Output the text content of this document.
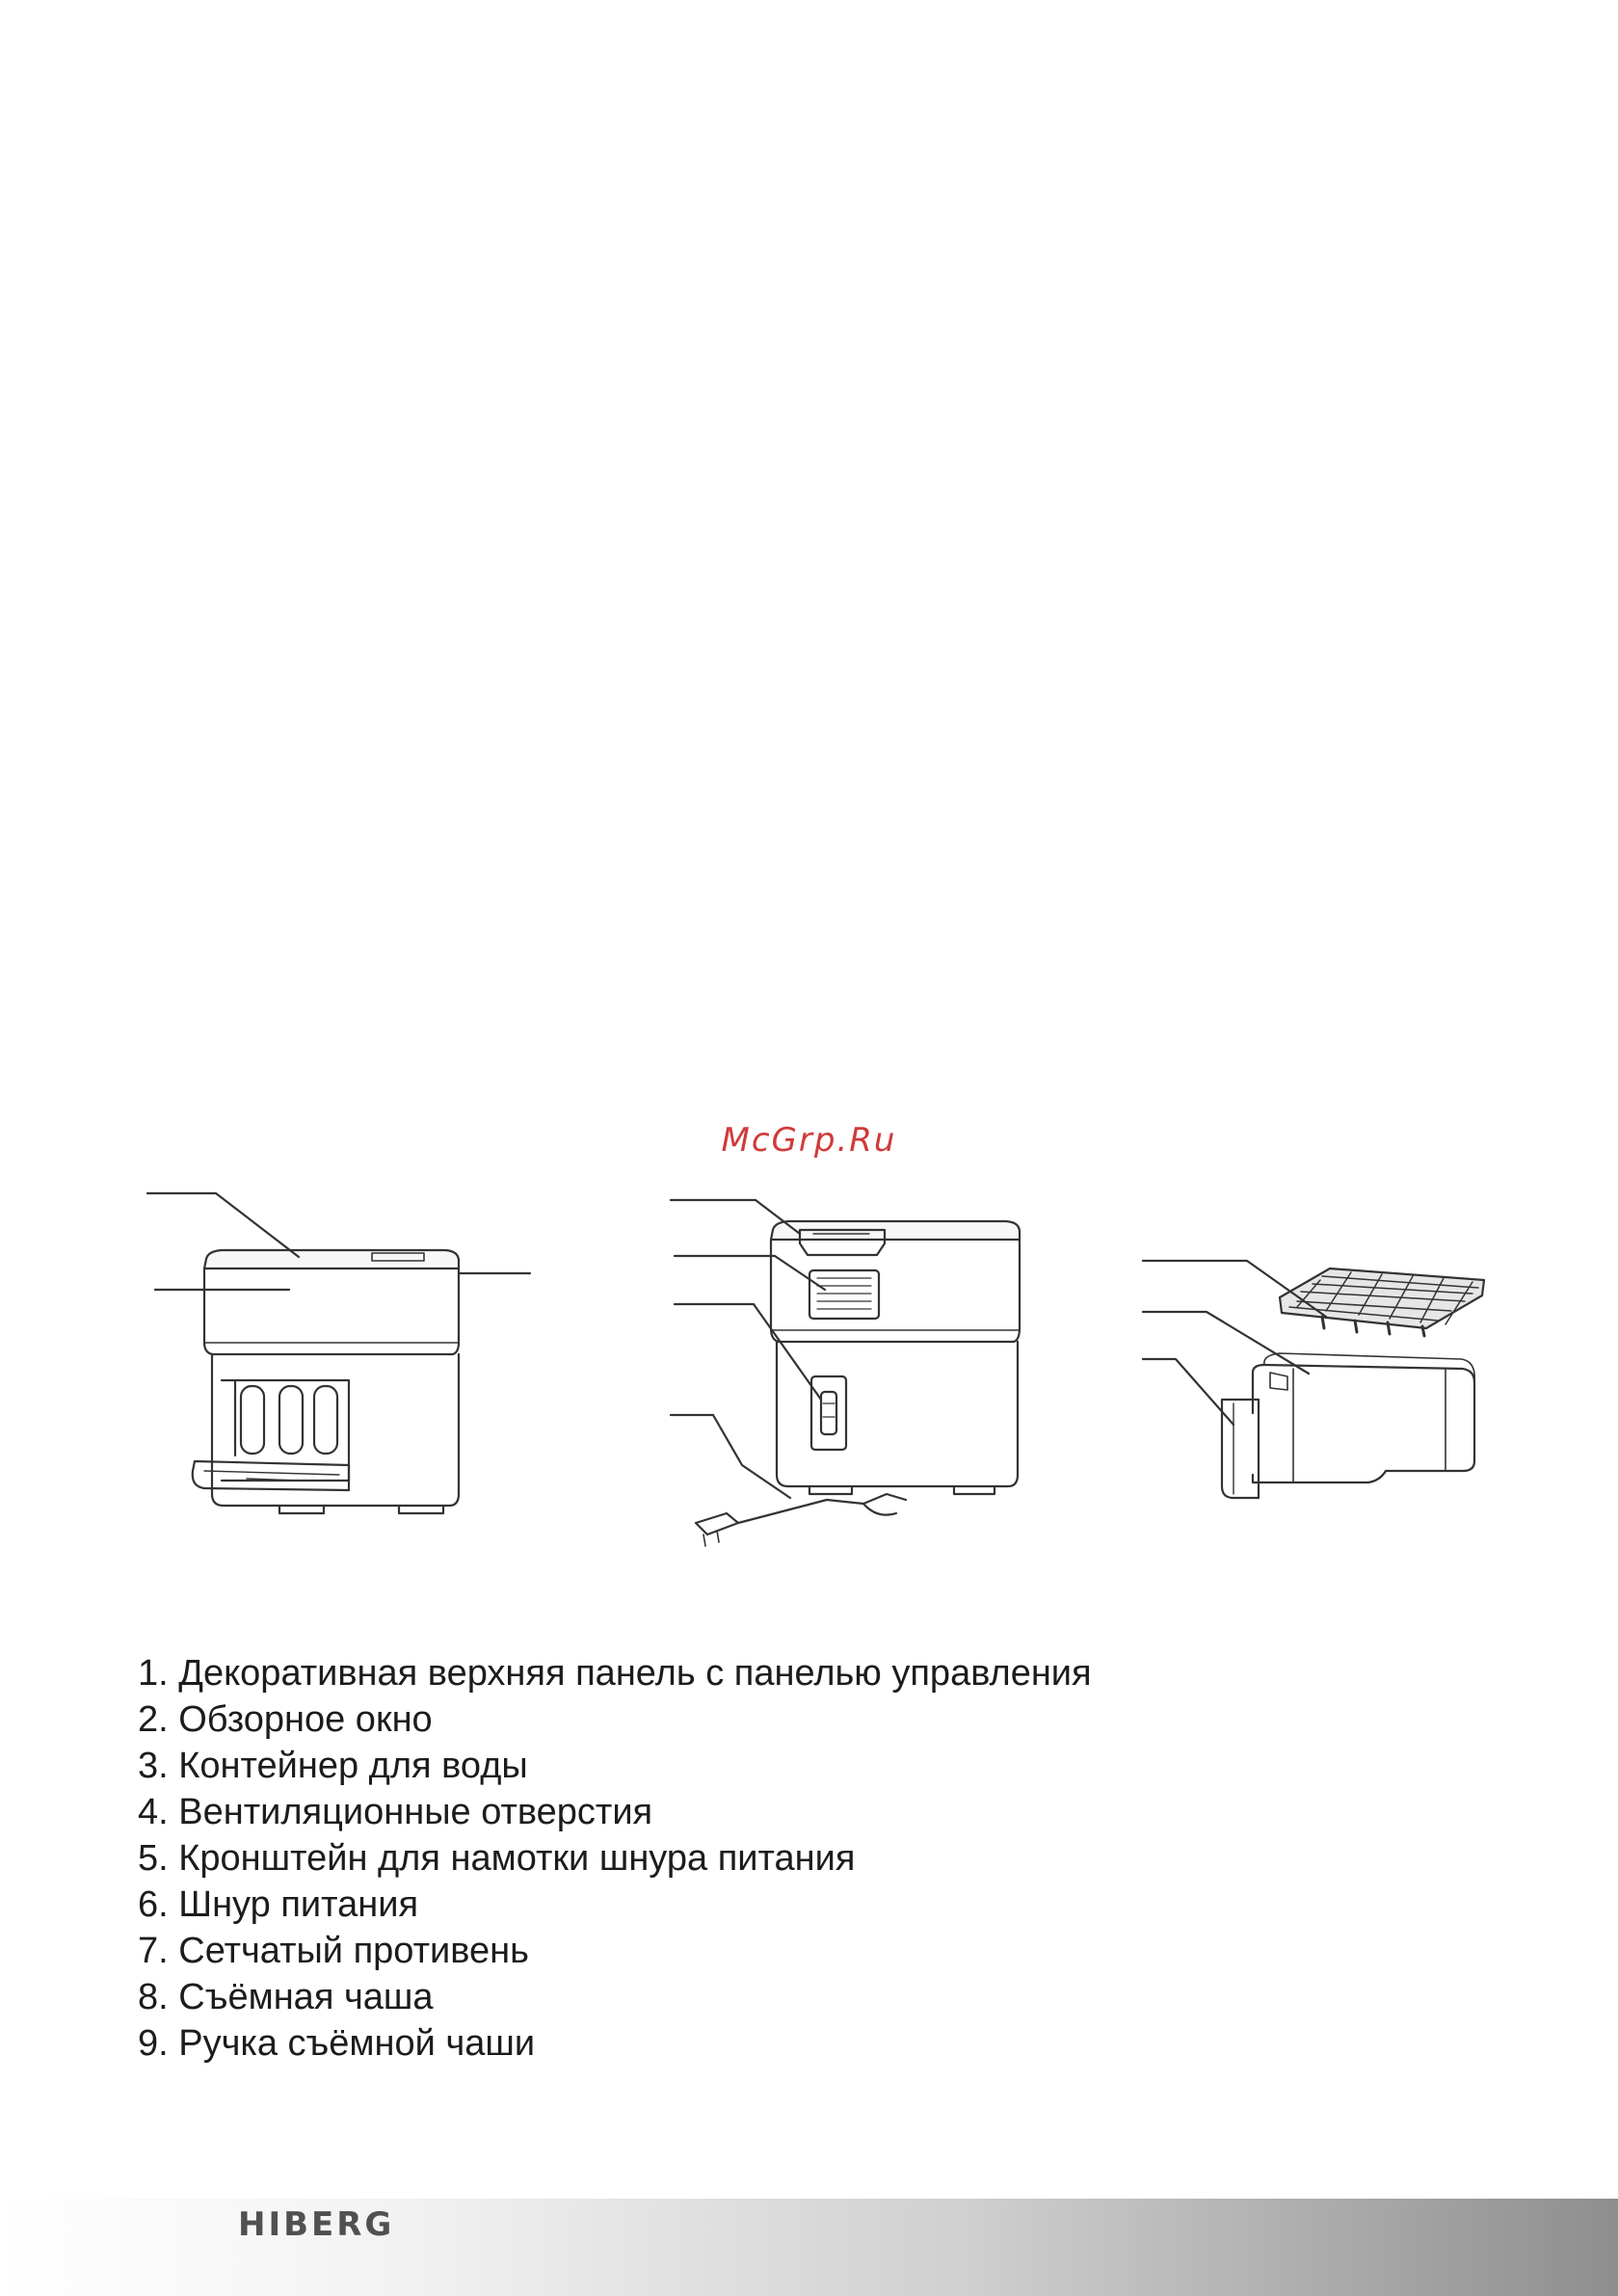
McGrp.Ru
1. Декоративная верхняя панель с панелью управления
2. Обзорное окно
3. Контейнер для воды
4. Вентиляционные отверстия
5. Кронштейн для намотки шнура питания
6. Шнур питания
7. Сетчатый противень
8. Съёмная чаша
9. Ручка съёмной чаши
HIBERG
